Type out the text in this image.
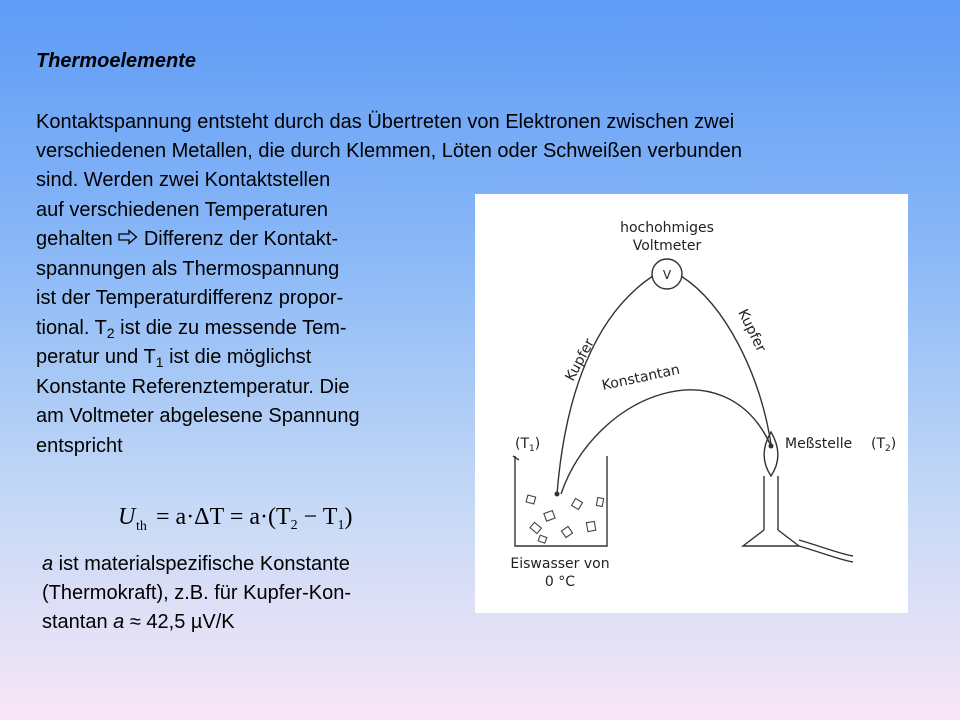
Thermoelemente
Kontaktspannung entsteht durch das Übertreten von Elektronen zwischen zwei
verschiedenen Metallen, die durch Klemmen, Löten oder Schweißen verbunden
sind. Werden zwei Kontaktstellen
auf verschiedenen Temperaturen
gehalten  Differenz der Kontakt-
spannungen als Thermospannung
ist der Temperaturdifferenz propor-
tional. $T_2$ ist die zu messende Tem-
peratur und $T_1$ ist die möglichst
Konstante Referenztemperatur. Die
am Voltmeter abgelesene Spannung
entspricht
U th = $a\cdot\Delta T = a\cdot(T_2 - T_1)$
a ist materialspezifische Konstante
(Thermokraft), z.B. für Kupfer-Kon-
stantan a ≈ 42,5 µV/K
hochohmiges
Voltmeter
V
Kupfer
Kupfer
Konstantan
$(T_1)$	Meßstelle $(T_2)$
Eiswasser von
0 °C
